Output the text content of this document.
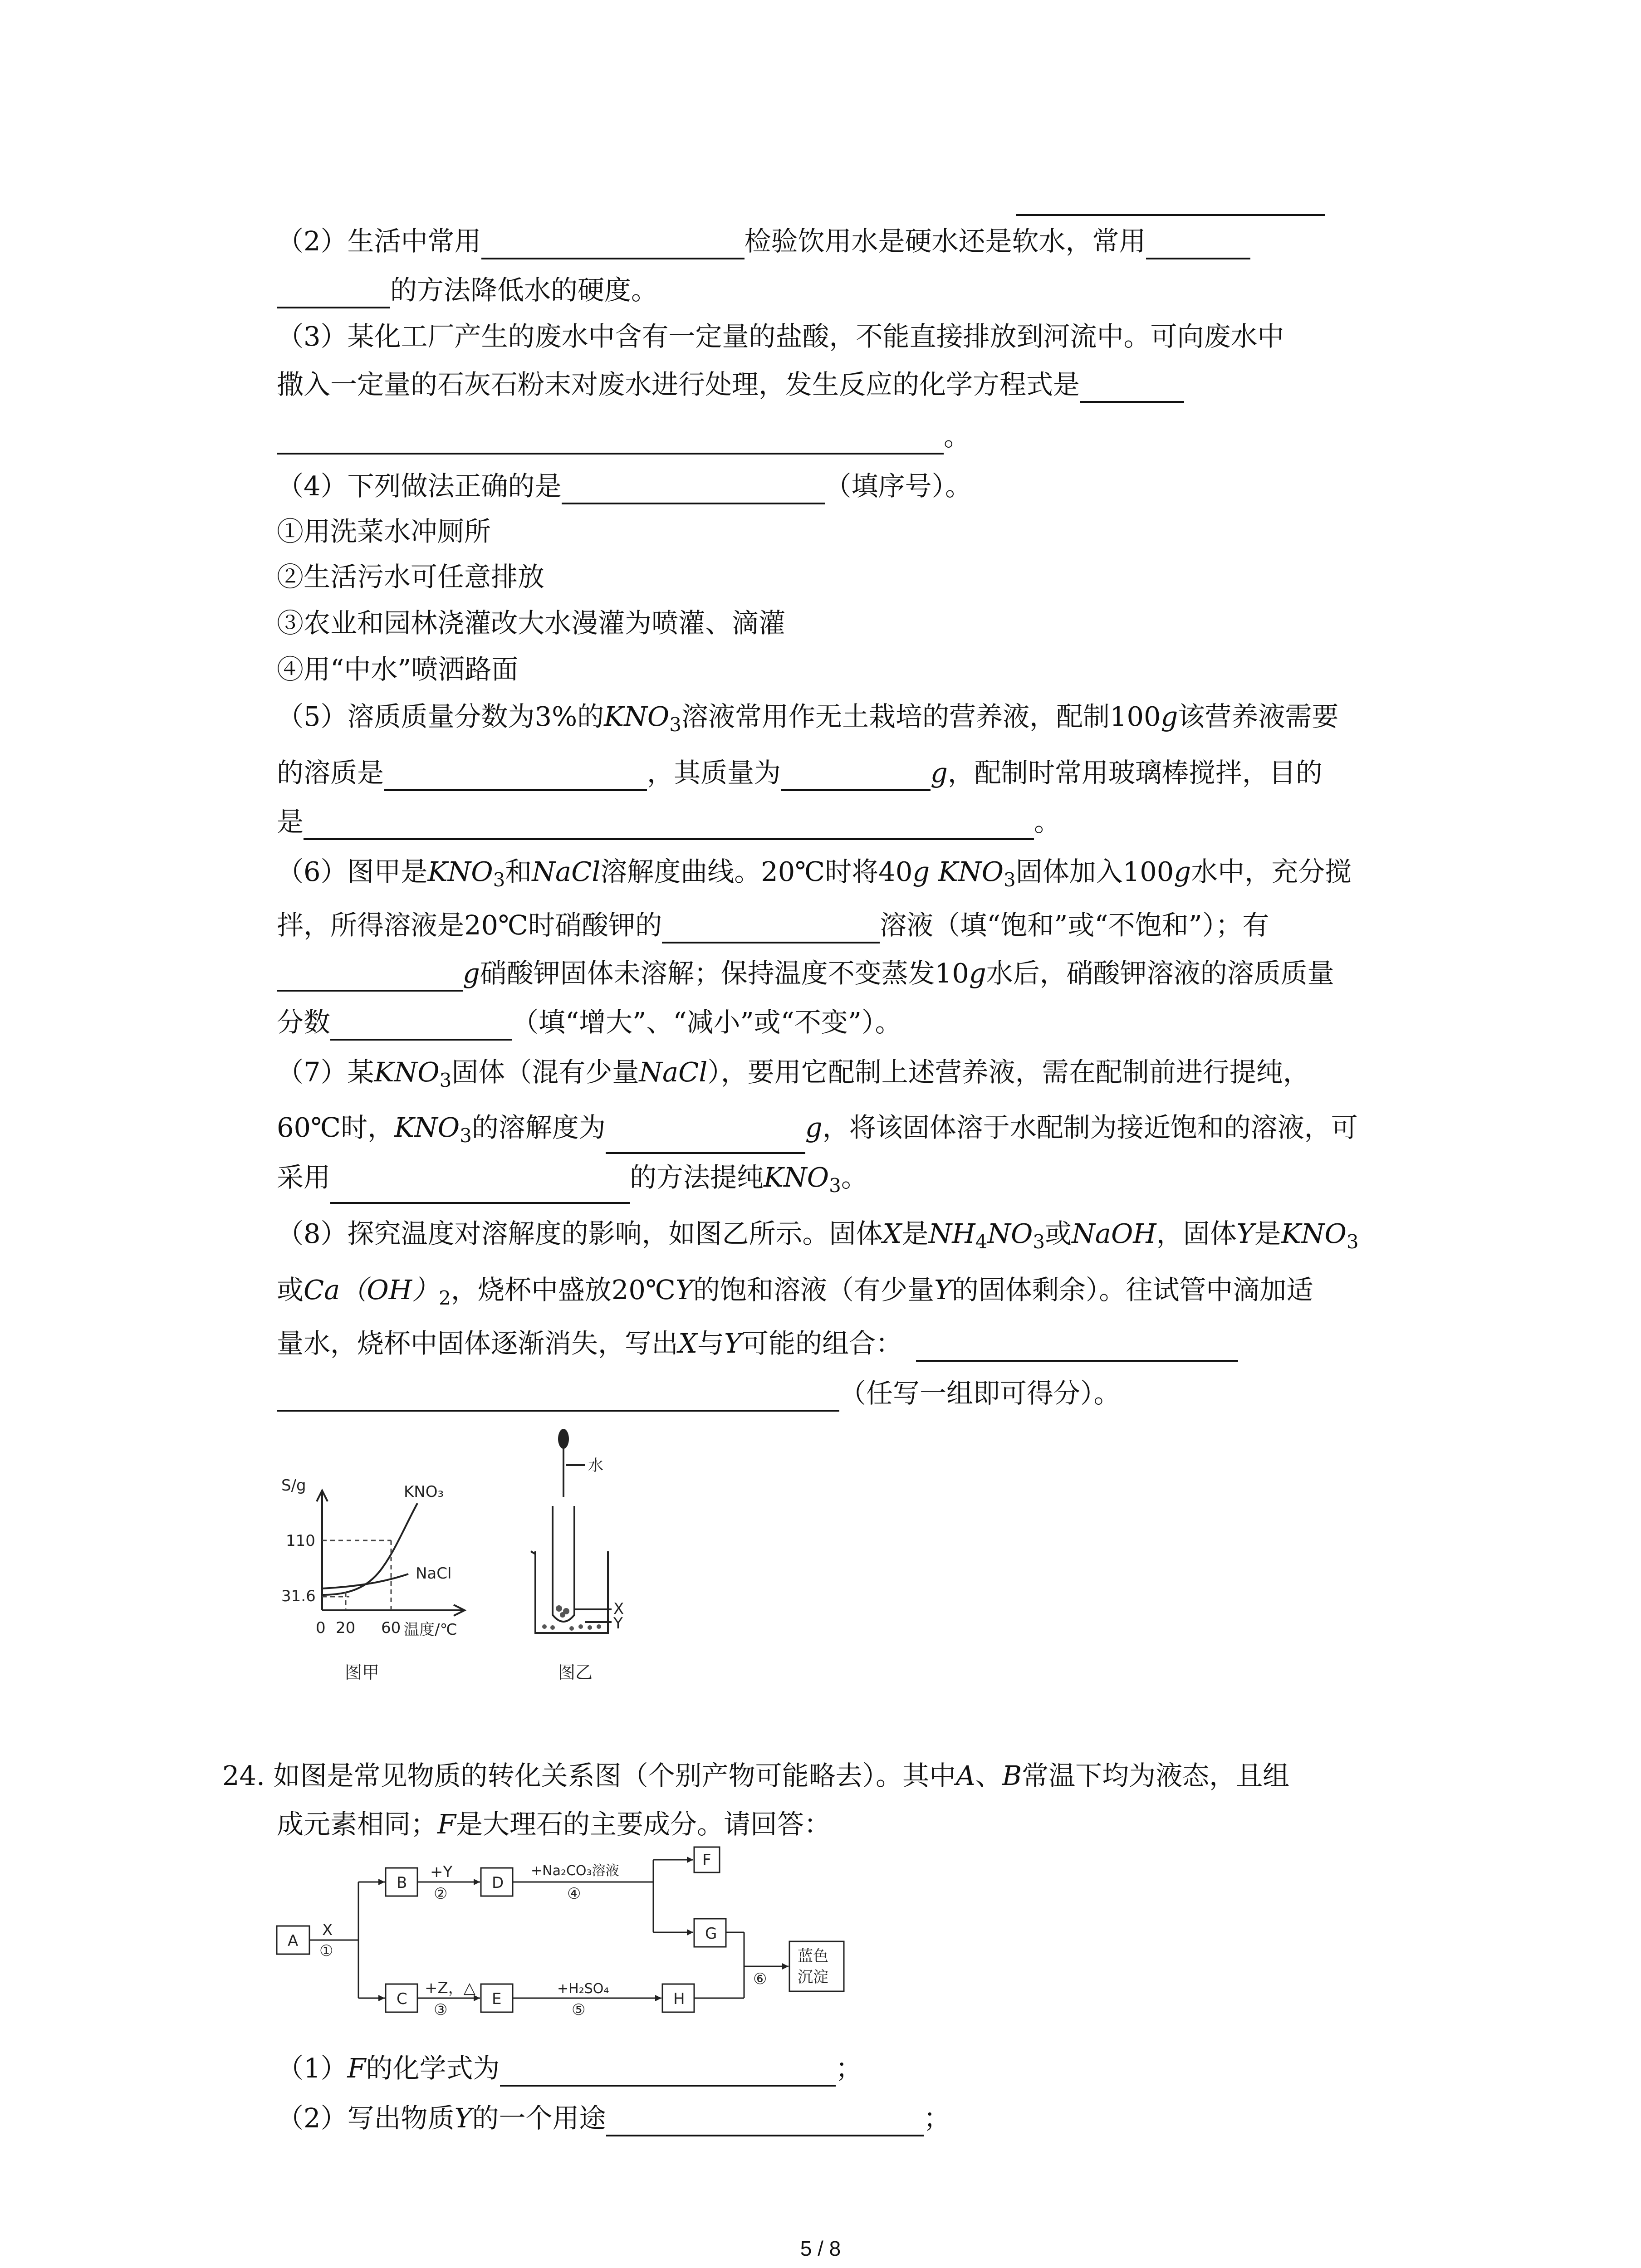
（2）生活中常用	检验饮用水是硬水还是软水，常用
的方法降低水的硬度。
（3）某化工厂产生的废水中含有一定量的盐酸，不能直接排放到河流中。可向废水中
撒入一定量的石灰石粉末对废水进行处理，发生反应的化学方程式是
。
（4）下列做法正确的是	（填序号）。
①用洗菜水冲厕所
②生活污水可任意排放
③农业和园林浇灌改大水漫灌为喷灌、滴灌
④用“中水”喷洒路面
（5）溶质质量分数为3%的$KNO_3$溶液常用作无土栽培的营养液，配制100g该营养液需要
的溶质是	，其质量为	g，配制时常用玻璃棒搅拌，目的
是	。
（6）图甲是$KNO_3$和NaCl溶解度曲线。20℃时将40g $KNO_3$固体加入100g水中，充分搅
拌，所得溶液是20℃时硝酸钾的	溶液（填“饱和”或“不饱和”）；有
g硝酸钾固体未溶解；保持温度不变蒸发10g水后，硝酸钾溶液的溶质质量
分数	（填“增大”、“减小”或“不变”）。
（7）某$KNO_3$固体（混有少量NaCl），要用它配制上述营养液，需在配制前进行提纯，
60℃时，$KNO_3$的溶解度为	g，将该固体溶于水配制为接近饱和的溶液，可
采用	的方法提纯$KNO_3$。
（8）探究温度对溶解度的影响，如图乙所示。固体X是$NH_4NO_3$或NaOH，固体Y是$KNO_3$
或$Ca(OH)_2$，烧杯中盛放20℃Y的饱和溶液（有少量Y的固体剩余）。往试管中滴加适
量水，烧杯中固体逐渐消失，写出X与Y可能的组合：
（任写一组即可得分）。
S/g
110
31.6
0 20 60 温度/℃
KNO₃
NaCl
图甲
水
X
Y
图乙
24. 如图是常见物质的转化关系图（个别产物可能略去）。其中A、B常温下均为液态，且组
成元素相同；F是大理石的主要成分。请回答：
A
B
C
D
E
F
G
H
蓝色
沉淀
X
①
+Y
②
+Na₂CO₃溶液
④
+Z，△
③
+H₂SO₄
⑤
⑥
（1）F的化学式为	；
（2）写出物质Y的一个用途	；
5 / 8
